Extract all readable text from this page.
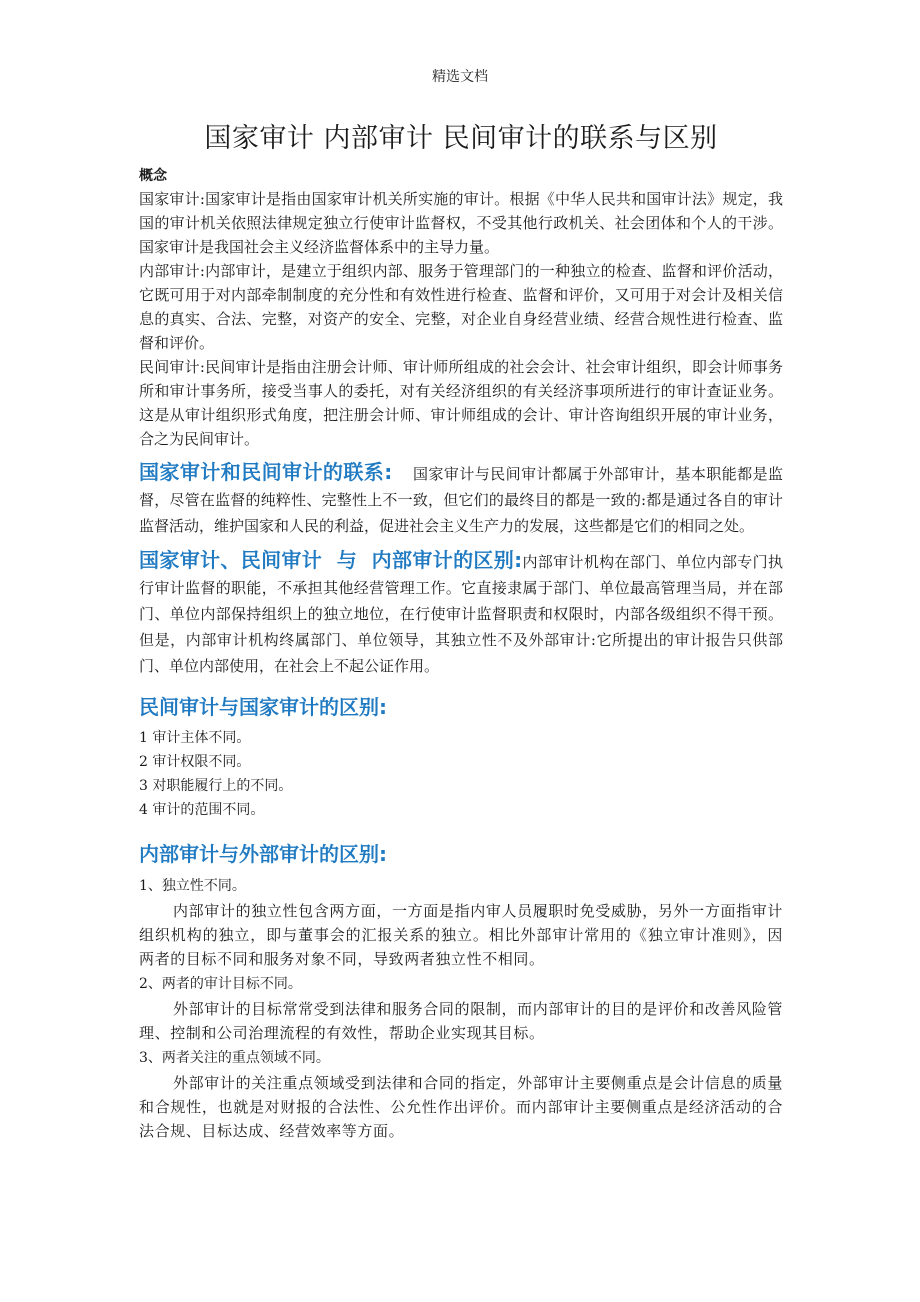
精选文档
国家审计 内部审计 民间审计的联系与区别
概念

国家审计:国家审计是指由国家审计机关所实施的审计。根据《中华人民共和国审计法》规定，我国的审计机关依照法律规定独立行使审计监督权，不受其他行政机关、社会团体和个人的干涉。 国家审计是我国社会主义经济监督体系中的主导力量。

内部审计:内部审计，是建立于组织内部、服务于管理部门的一种独立的检查、监督和评价活动，它既可用于对内部牵制制度的充分性和有效性进行检查、监督和评价，又可用于对会计及相关信息的真实、合法、完整，对资产的安全、完整，对企业自身经营业绩、经营合规性进行检查、监督和评价。

民间审计:民间审计是指由注册会计师、审计师所组成的社会会计、社会审计组织，即会计师事务所和审计事务所，接受当事人的委托，对有关经济组织的有关经济事项所进行的审计查证业务。这是从审计组织形式角度，把注册会计师、审计师组成的会计、审计咨询组织开展的审计业务，合之为民间审计。

国家审计和民间审计的联系:    国家审计与民间审计都属于外部审计，基本职能都是监督，尽管在监督的纯粹性、完整性上不一致，但它们的最终目的都是一致的:都是通过各自的审计监督活动，维护国家和人民的利益，促进社会主义生产力的发展，这些都是它们的相同之处。

国家审计、民间审计  与  内部审计的区别:内部审计机构在部门、单位内部专门执行审计监督的职能，不承担其他经营管理工作。它直接隶属于部门、单位最高管理当局，并在部门、单位内部保持组织上的独立地位，在行使审计监督职责和权限时，内部各级组织不得干预。但是，内部审计机构终属部门、单位领导，其独立性不及外部审计:它所提出的审计报告只供部门、单位内部使用，在社会上不起公证作用。

民间审计与国家审计的区别:
1 审计主体不同。
2 审计权限不同。
3 对职能履行上的不同。
4 审计的范围不同。
内部审计与外部审计的区别:
1、独立性不同。

内部审计的独立性包含两方面，一方面是指内审人员履职时免受威胁，另外一方面指审计组织机构的独立，即与董事会的汇报关系的独立。相比外部审计常用的《独立审计准则》，因两者的目标不同和服务对象不同，导致两者独立性不相同。

2、两者的审计目标不同。

外部审计的目标常常受到法律和服务合同的限制，而内部审计的目的是评价和改善风险管理、控制和公司治理流程的有效性，帮助企业实现其目标。

3、两者关注的重点领域不同。

外部审计的关注重点领域受到法律和合同的指定，外部审计主要侧重点是会计信息的质量和合规性，也就是对财报的合法性、公允性作出评价。而内部审计主要侧重点是经济活动的合法合规、目标达成、经营效率等方面。
